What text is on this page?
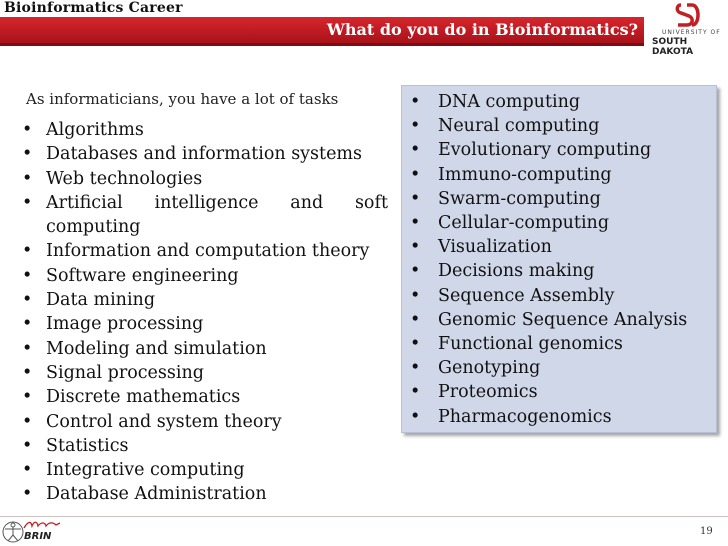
Bioinformatics Career
What do you do in Bioinformatics?	UNIVERSITY OF
SOUTH DAKOTA
As informaticians, you have a lot of tasks
• Algorithms
• Databases and information systems
• Web technologies
• Artificial intelligence and soft
computing
• Information and computation theory
• Software engineering
• Data mining
• Image processing
• Modeling and simulation
• Signal processing
• Discrete mathematics
• Control and system theory
• Statistics
• Integrative computing
• Database Administration
• DNA computing
• Neural computing
• Evolutionary computing
• Immuno-computing
• Swarm-computing
• Cellular-computing
• Visualization
• Decisions making
• Sequence Assembly
• Genomic Sequence Analysis
• Functional genomics
• Genotyping
• Proteomics
• Pharmacogenomics
BRIN	19
